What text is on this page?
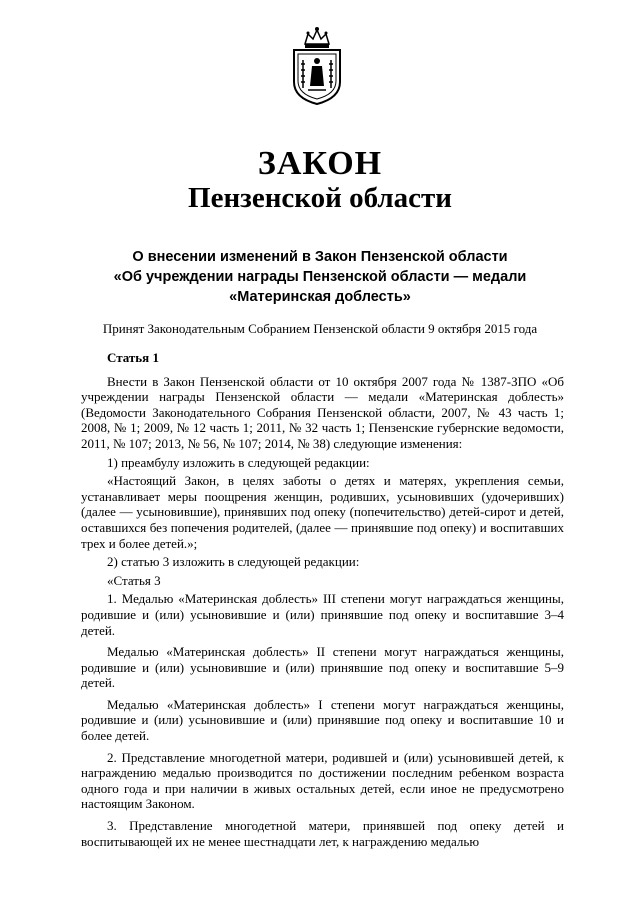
ЗАКОН
Пензенской области
О внесении изменений в Закон Пензенской области
«Об учреждении награды Пензенской области — медали
«Материнская доблесть»
Принят Законодательным Собранием Пензенской области 9 октября 2015 года
Статья 1

Внести в Закон Пензенской области от 10 октября 2007 года № 1387-ЗПО «Об учреждении награды Пензенской области — медали «Материнская доблесть» (Ведомости Законодательного Собрания Пензенской области, 2007, № 43 часть 1; 2008, № 1; 2009, № 12 часть 1; 2011, № 32 часть 1; Пензенские губернские ведомости, 2011, № 107; 2013, № 56, № 107; 2014, № 38) следующие изменения:

1) преамбулу изложить в следующей редакции:

«Настоящий Закон, в целях заботы о детях и матерях, укрепления семьи, устанавливает меры поощрения женщин, родивших, усыновивших (удочеривших) (далее — усыновившие), принявших под опеку (попечительство) детей-сирот и детей, оставшихся без попечения родителей, (далее — принявшие под опеку) и воспитавших трех и более детей.»;

2) статью 3 изложить в следующей редакции:

«Статья 3

1. Медалью «Материнская доблесть» III степени могут награждаться женщины, родившие и (или) усыновившие и (или) принявшие под опеку и воспитавшие 3–4 детей.

Медалью «Материнская доблесть» II степени могут награждаться женщины, родившие и (или) усыновившие и (или) принявшие под опеку и воспитавшие 5–9 детей.

Медалью «Материнская доблесть» I степени могут награждаться женщины, родившие и (или) усыновившие и (или) принявшие под опеку и воспитавшие 10 и более детей.

2. Представление многодетной матери, родившей и (или) усыновившей детей, к награждению медалью производится по достижении последним ребенком возраста одного года и при наличии в живых остальных детей, если иное не предусмотрено настоящим Законом.

3. Представление многодетной матери, принявшей под опеку детей и воспитывающей их не менее шестнадцати лет, к награждению медалью
